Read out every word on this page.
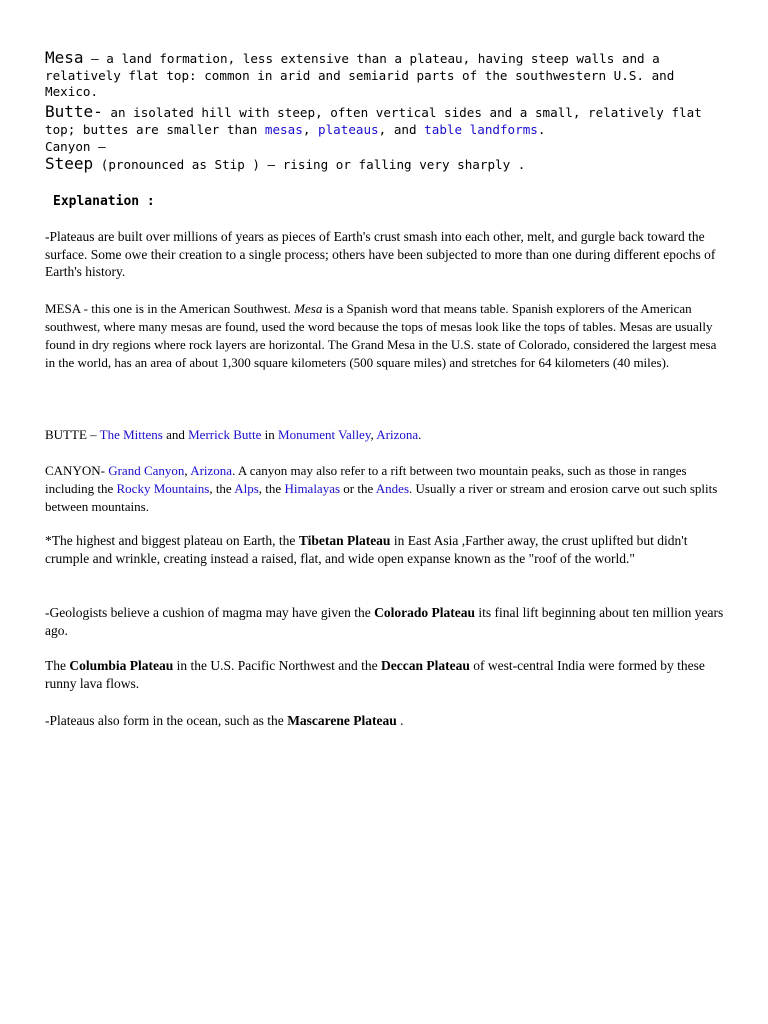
Mesa – a land formation, less extensive than a plateau, having steep walls and a relatively flat top: common in arid and semiarid parts of the southwestern U.S. and Mexico.

Butte- an isolated hill with steep, often vertical sides and a small, relatively flat top; buttes are smaller than mesas, plateaus, and table landforms.

Canyon –

Steep (pronounced as Stip ) – rising or falling very sharply .

Explanation :

-Plateaus are built over millions of years as pieces of Earth's crust smash into each other, melt, and gurgle back toward the surface. Some owe their creation to a single process; others have been subjected to more than one during different epochs of Earth's history.

MESA - this one is in the American Southwest. Mesa is a Spanish word that means table. Spanish explorers of the American southwest, where many mesas are found, used the word because the tops of mesas look like the tops of tables. Mesas are usually found in dry regions where rock layers are horizontal. The Grand Mesa in the U.S. state of Colorado, considered the largest mesa in the world, has an area of about 1,300 square kilometers (500 square miles) and stretches for 64 kilometers (40 miles).

BUTTE – The Mittens and Merrick Butte in Monument Valley, Arizona.

CANYON- Grand Canyon, Arizona. A canyon may also refer to a rift between two mountain peaks, such as those in ranges including the Rocky Mountains, the Alps, the Himalayas or the Andes. Usually a river or stream and erosion carve out such splits between mountains.

*The highest and biggest plateau on Earth, the Tibetan Plateau in East Asia ,Farther away, the crust uplifted but didn't crumple and wrinkle, creating instead a raised, flat, and wide open expanse known as the "roof of the world."

-Geologists believe a cushion of magma may have given the Colorado Plateau its final lift beginning about ten million years ago.

The Columbia Plateau in the U.S. Pacific Northwest and the Deccan Plateau of west-central India were formed by these runny lava flows.

-Plateaus also form in the ocean, such as the Mascarene Plateau .
